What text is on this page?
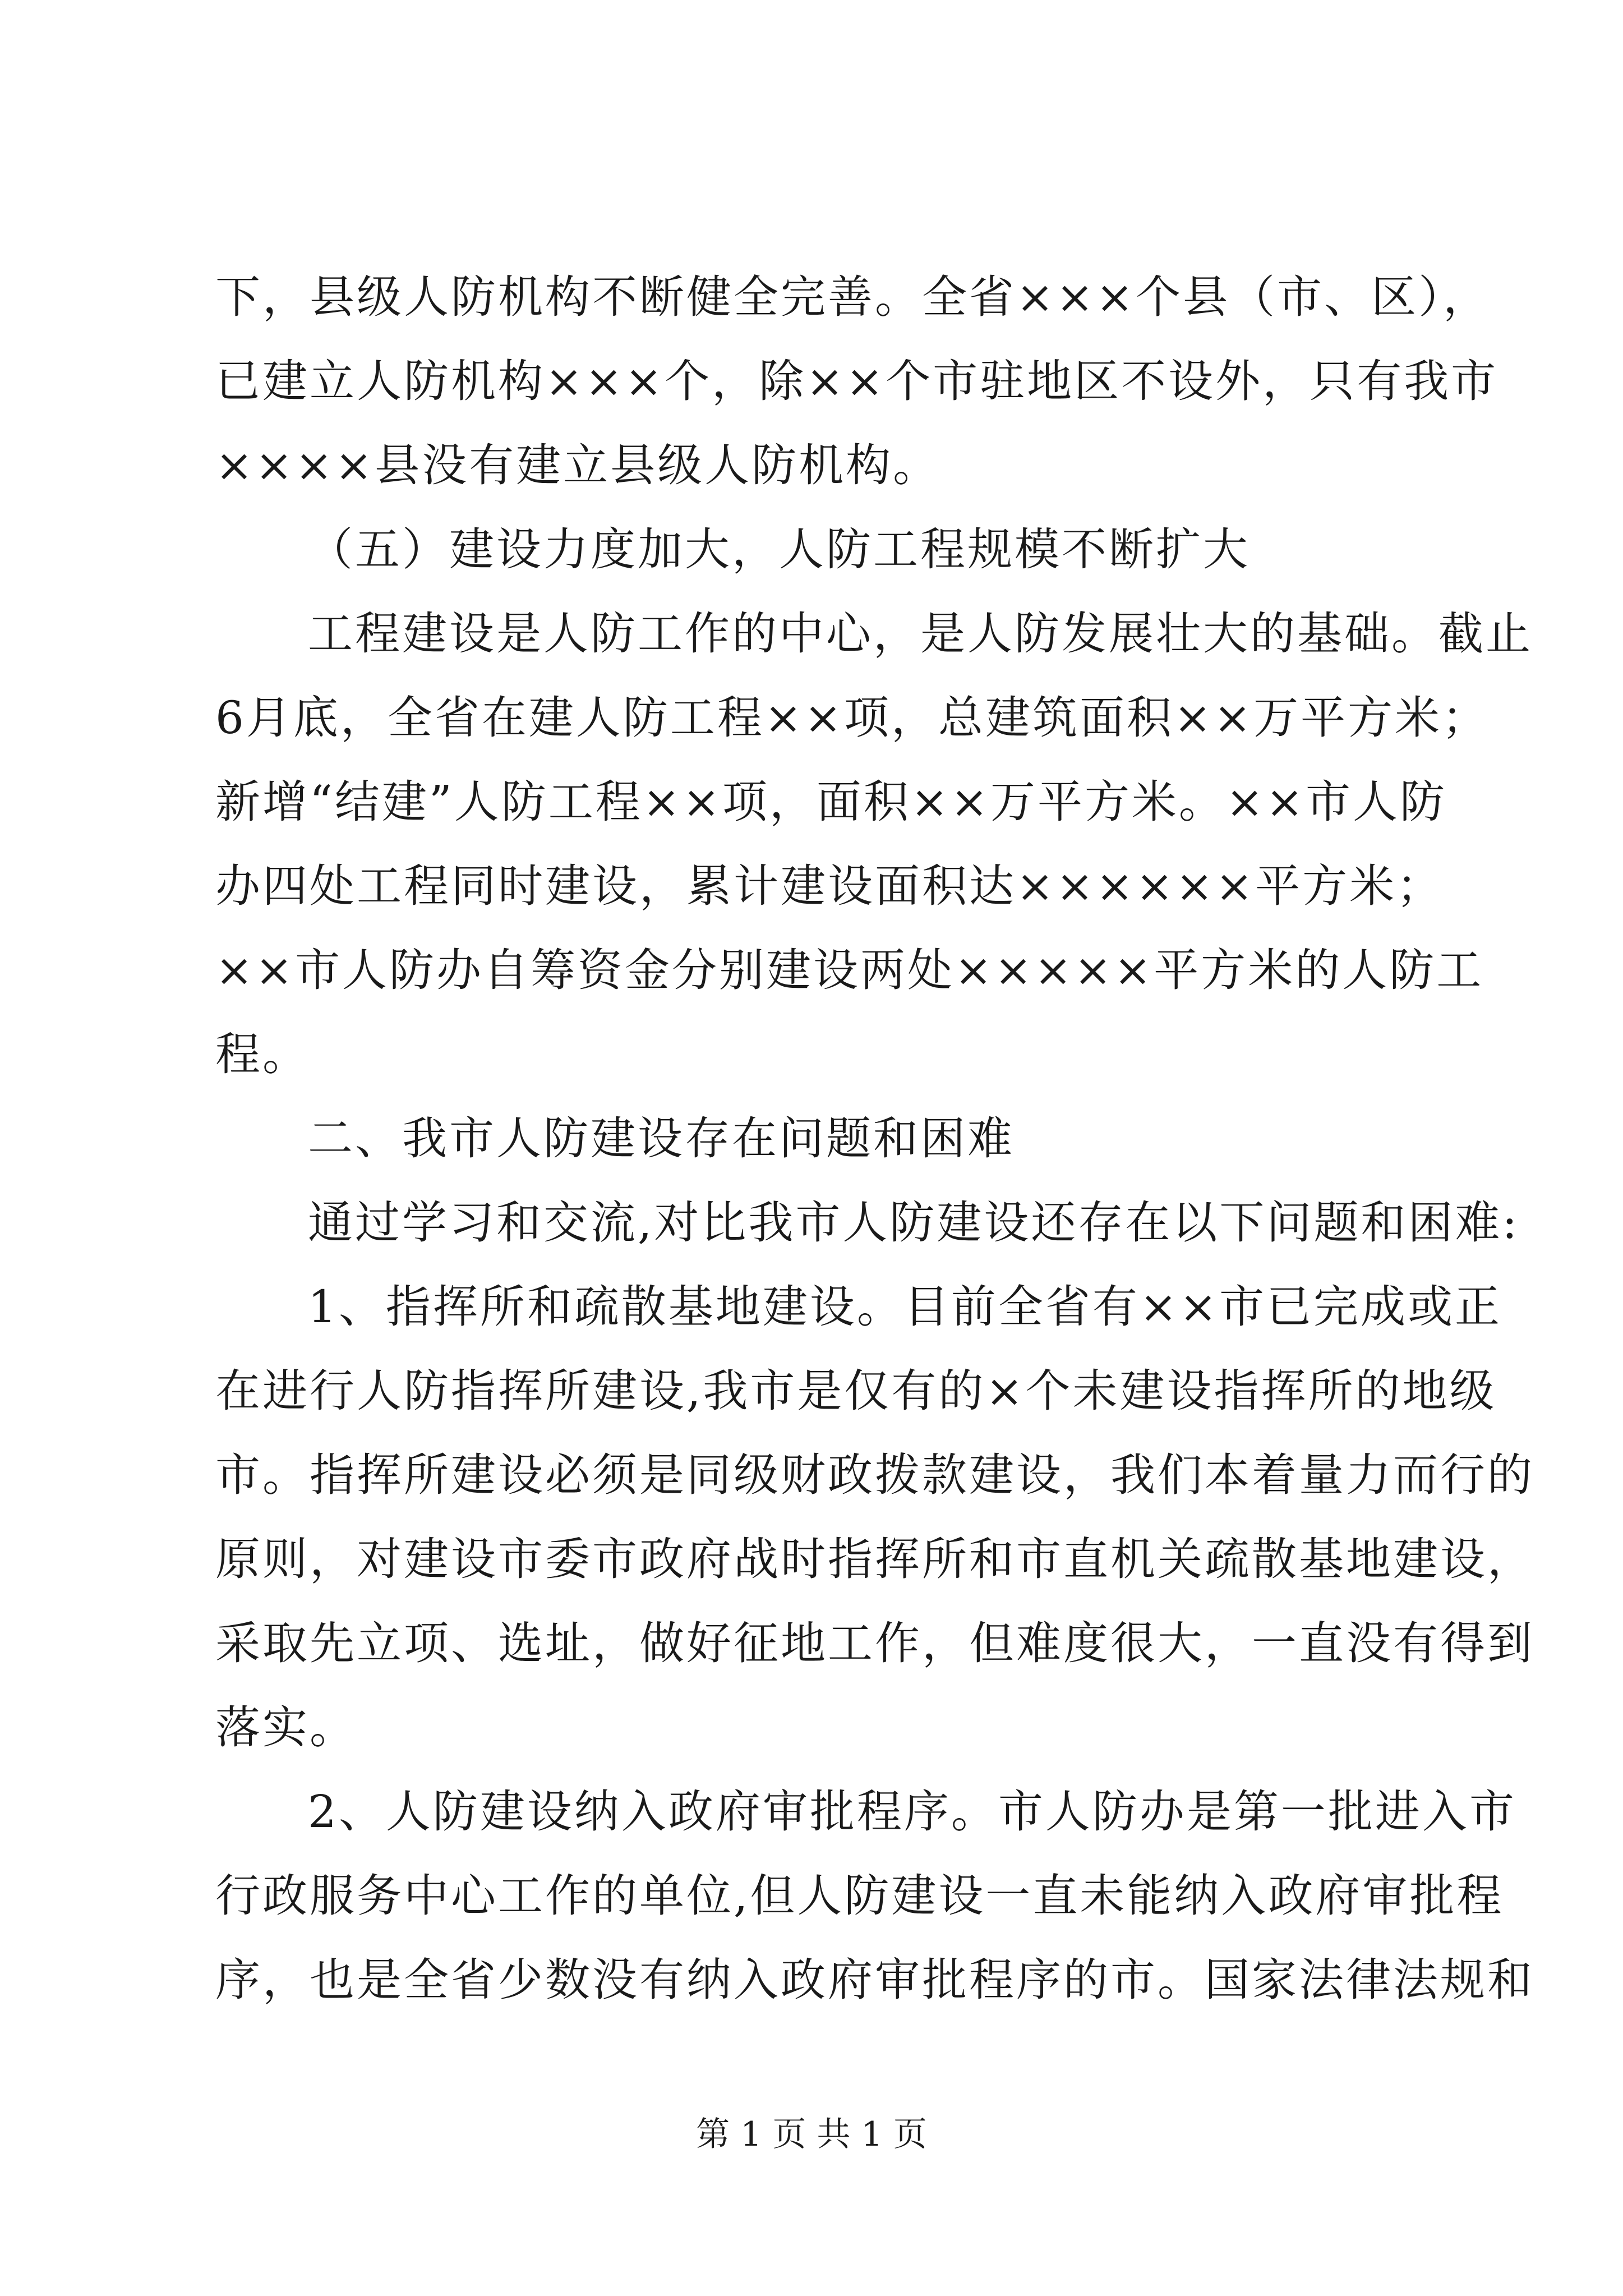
下，县级人防机构不断健全完善。全省×××个县（市、区），
已建立人防机构×××个，除××个市驻地区不设外，只有我市
××××县没有建立县级人防机构。
（五）建设力度加大，人防工程规模不断扩大
工程建设是人防工作的中心，是人防发展壮大的基础。截止
6月底，全省在建人防工程××项，总建筑面积××万平方米；
新增“结建”人防工程××项，面积××万平方米。××市人防
办四处工程同时建设，累计建设面积达××××××平方米；
××市人防办自筹资金分别建设两处×××××平方米的人防工
程。
二、我市人防建设存在问题和困难
通过学习和交流,对比我市人防建设还存在以下问题和困难:
1、指挥所和疏散基地建设。目前全省有××市已完成或正
在进行人防指挥所建设,我市是仅有的×个未建设指挥所的地级
市。指挥所建设必须是同级财政拨款建设，我们本着量力而行的
原则，对建设市委市政府战时指挥所和市直机关疏散基地建设，
采取先立项、选址，做好征地工作，但难度很大，一直没有得到
落实。
2、人防建设纳入政府审批程序。市人防办是第一批进入市
行政服务中心工作的单位,但人防建设一直未能纳入政府审批程
序，也是全省少数没有纳入政府审批程序的市。国家法律法规和
第 1 页 共 1 页
